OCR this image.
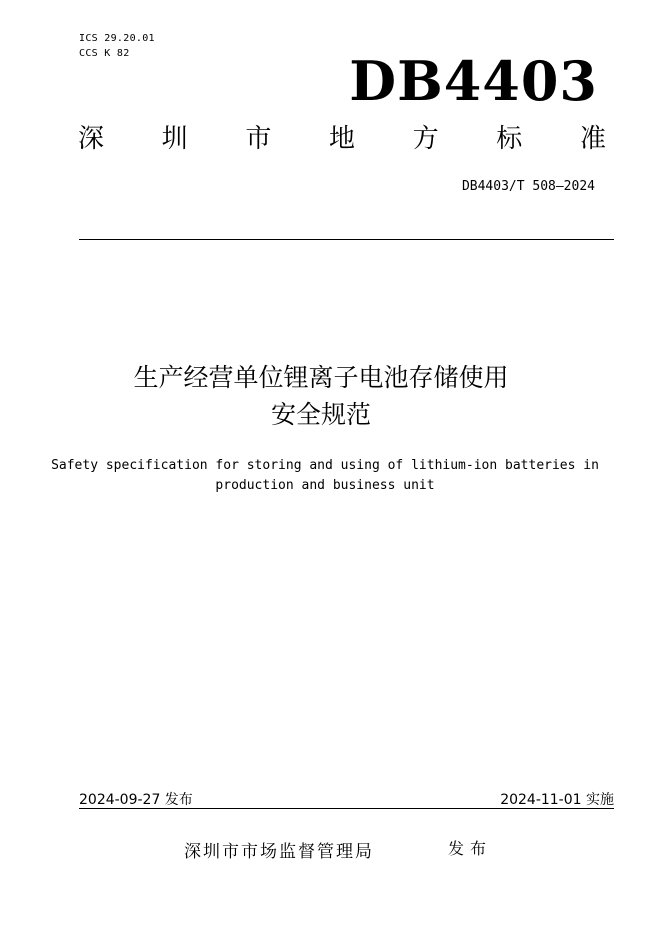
ICS 29.20.01
CCS K 82	DB4403
深 圳 市 地 方 标 准
DB4403/T 508—2024
生产经营单位锂离子电池存储使用
安全规范
Safety specification for storing and using of lithium-ion batteries in
production and business unit
2024-09-27 发布	2024-11-01 实施
深圳市市场监督管理局	发布
